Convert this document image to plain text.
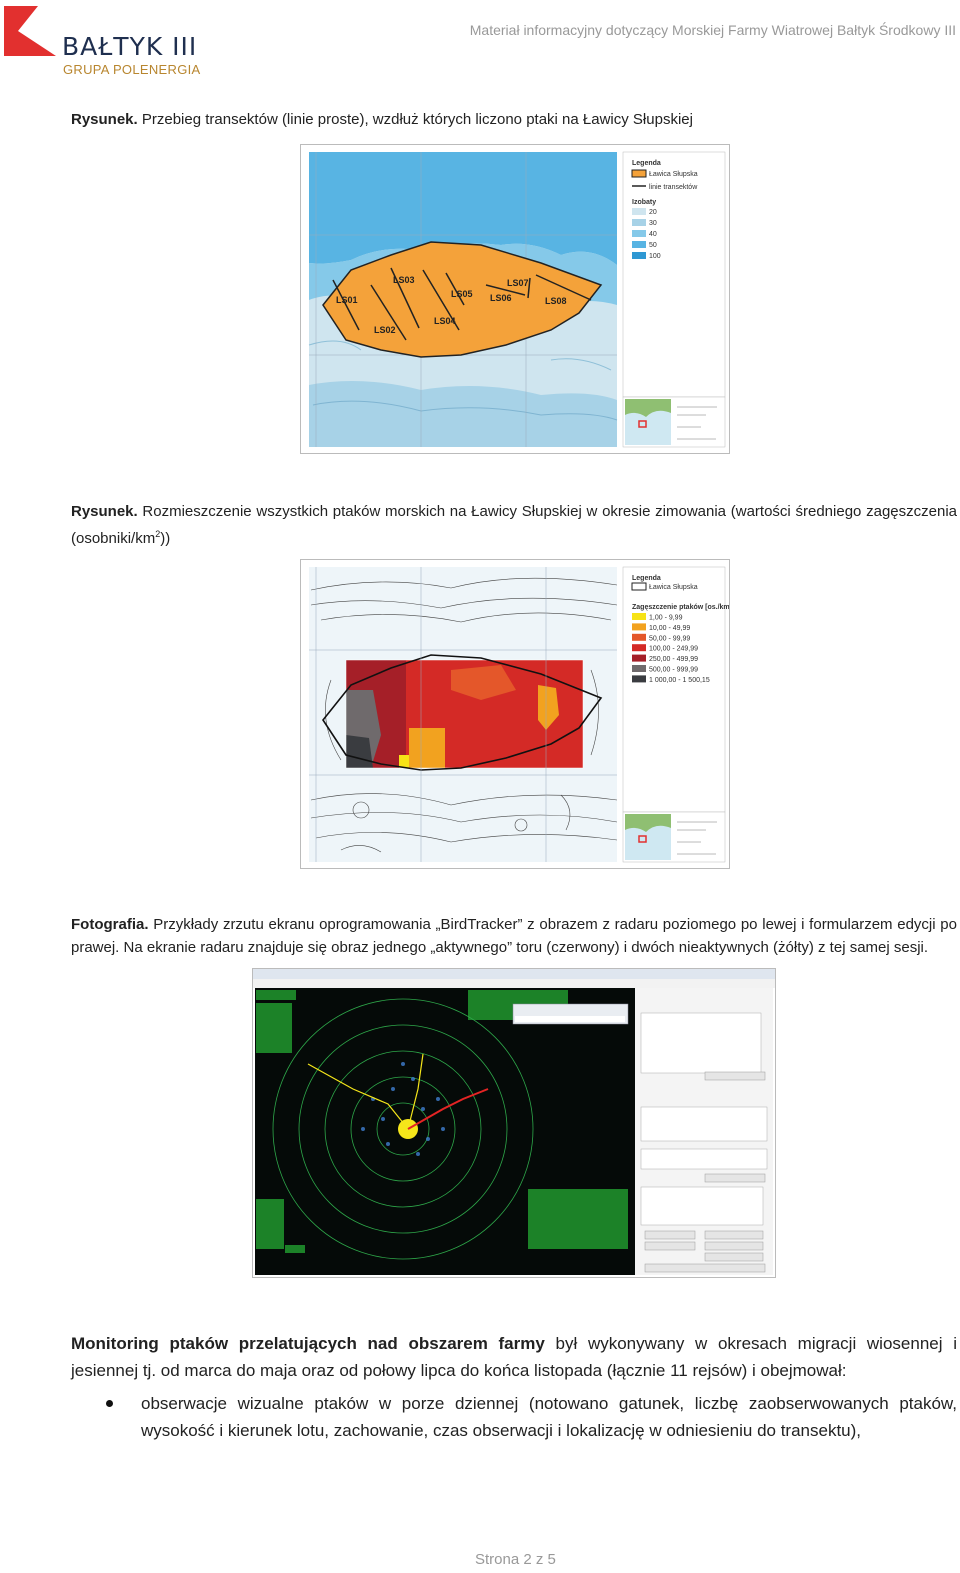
BAŁTYK III
GRUPA POLENERGIA
Materiał informacyjny dotyczący Morskiej Farmy Wiatrowej Bałtyk Środkowy III
Rysunek. Przebieg transektów (linie proste), wzdłuż których liczono ptaki na Ławicy Słupskiej
LS01
LS02
LS03
LS04
LS05 LS06
LS07
LS08
Legenda
Ławica Słupska
linie transektów
Izobaty
20
30
40
50
100
Rysunek. Rozmieszczenie wszystkich ptaków morskich na Ławicy Słupskiej w okresie zimowania (wartości średniego zagęszczenia $(osobniki/km^2)$)
Legenda
Ławica Słupska
Zagęszczenie ptaków [os./km2]
1,00 - 9,99
10,00 - 49,99
50,00 - 99,99
100,00 - 249,99
250,00 - 499,99
500,00 - 999,99
1 000,00 - 1 500,15
Fotografia. Przykłady zrzutu ekranu oprogramowania „BirdTracker” z obrazem z radaru poziomego po lewej i formularzem edycji po prawej. Na ekranie radaru znajduje się obraz jednego „aktywnego” toru (czerwony) i dwóch nieaktywnych (żółty) z tej samej sesji.
Monitoring ptaków przelatujących nad obszarem farmy był wykonywany w okresach migracji wiosennej i jesiennej tj. od marca do maja oraz od połowy lipca do końca listopada (łącznie 11 rejsów) i obejmował:
obserwacje wizualne ptaków w porze dziennej (notowano gatunek, liczbę zaobserwowanych ptaków, wysokość i kierunek lotu, zachowanie, czas obserwacji i lokalizację w odniesieniu do transektu),
Strona 2 z 5
